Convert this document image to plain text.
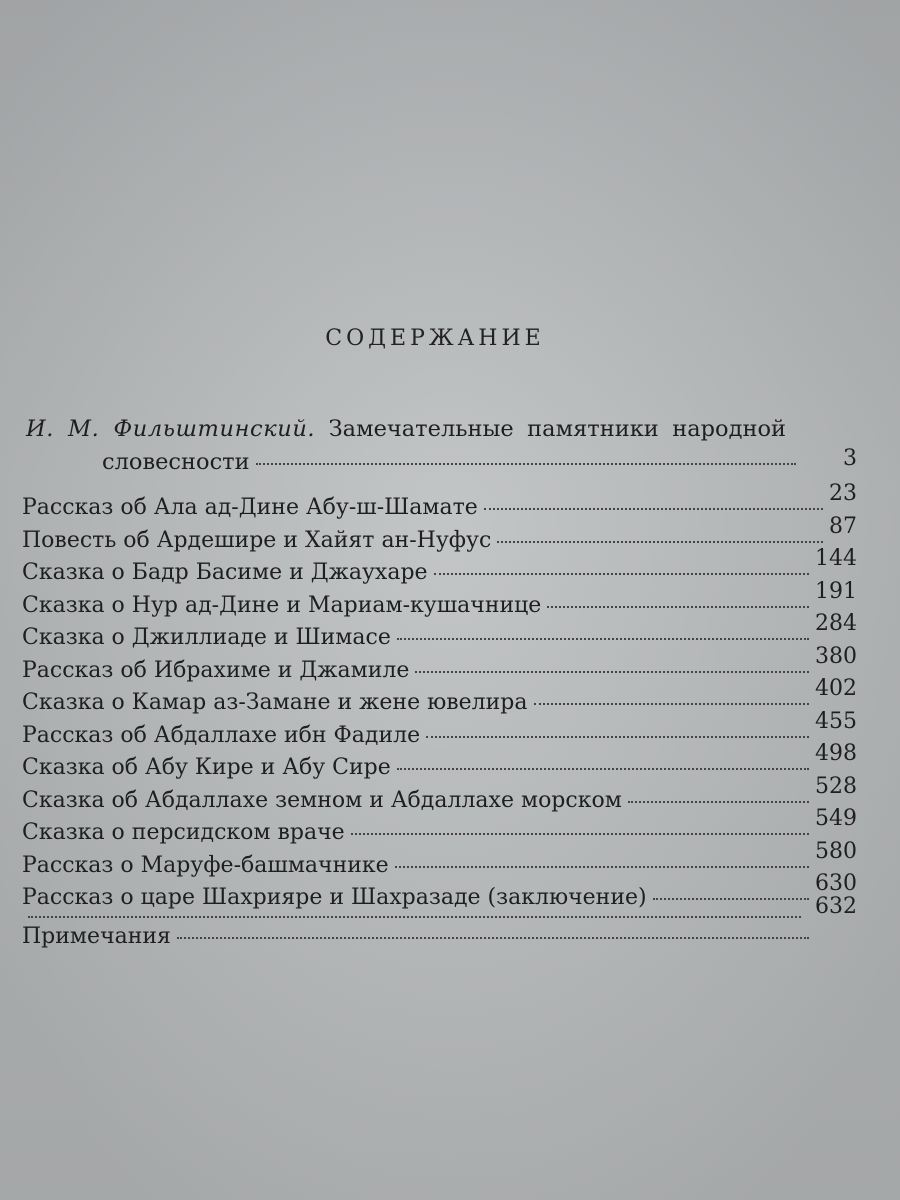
СОДЕРЖАНИЕ
И. М. Фильштинский. Замечательные памятники народной
словесности	3
Рассказ об Ала ад-Дине Абу-ш-Шамате
23
Повесть об Ардешире и Хайят ан-Нуфус
87
Сказка о Бадр Басиме и Джаухаре
144
Сказка о Нур ад-Дине и Мариам-кушачнице
191
Сказка о Джиллиаде и Шимасе
284
Рассказ об Ибрахиме и Джамиле
380
Сказка о Камар аз-Замане и жене ювелира
402
Рассказ об Абдаллахе ибн Фадиле
455
Сказка об Абу Кире и Абу Сире
498
Сказка об Абдаллахе земном и Абдаллахе морском
528
Сказка о персидском враче
549
Рассказ о Маруфе-башмачнике
580
Рассказ о царе Шахрияре и Шахразаде (заключение)
630
Примечания
632
